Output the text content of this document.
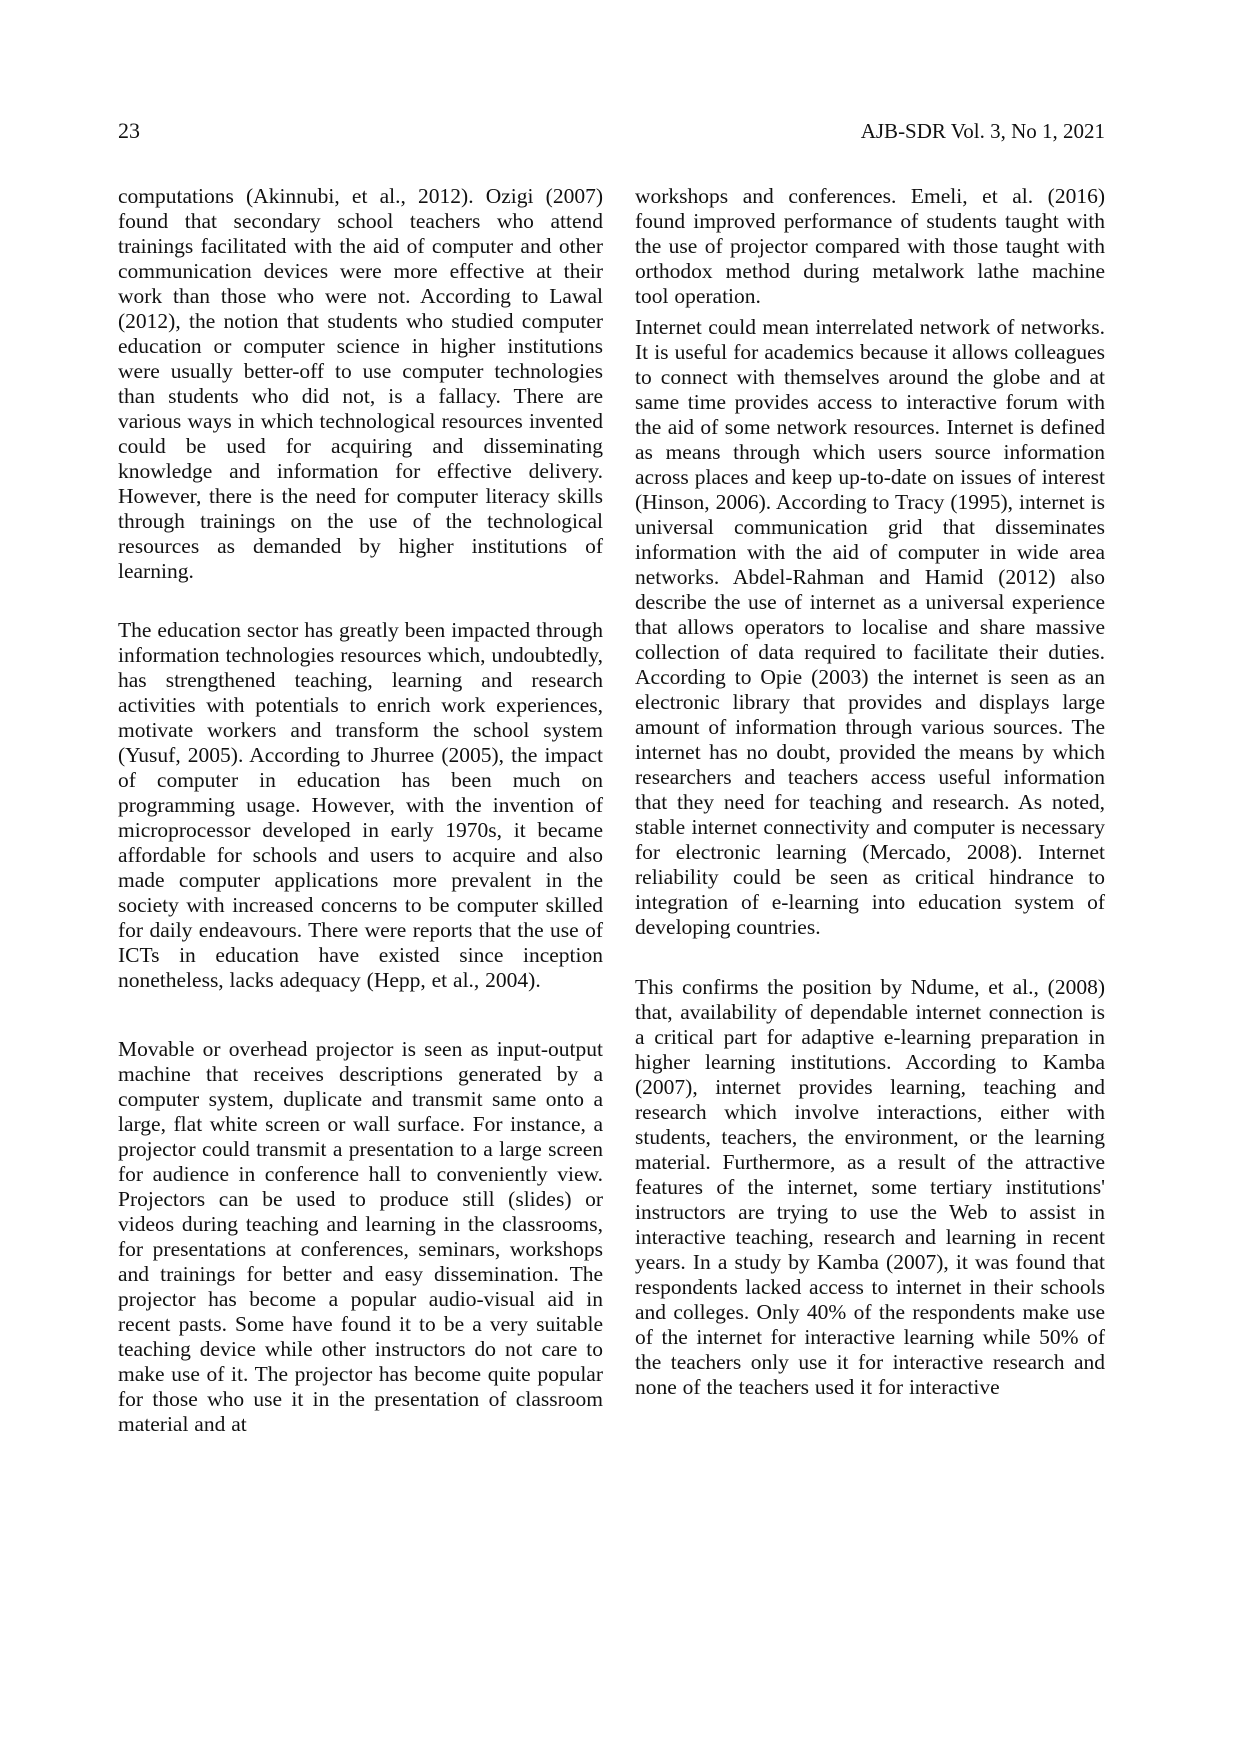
23	AJB-SDR Vol. 3, No 1, 2021

computations (Akinnubi, et al., 2012). Ozigi (2007) found that secondary school teachers who attend trainings facilitated with the aid of computer and other communication devices were more effective at their work than those who were not. According to Lawal (2012), the notion that students who studied computer education or computer science in higher institutions were usually better-off to use computer technologies than students who did not, is a fallacy. There are various ways in which technological resources invented could be used for acquiring and disseminating knowledge and information for effective delivery. However, there is the need for computer literacy skills through trainings on the use of the technological resources as demanded by higher institutions of learning.

The education sector has greatly been impacted through information technologies resources which, undoubtedly, has strengthened teaching, learning and research activities with potentials to enrich work experiences, motivate workers and transform the school system (Yusuf, 2005). According to Jhurree (2005), the impact of computer in education has been much on programming usage. However, with the invention of microprocessor developed in early 1970s, it became affordable for schools and users to acquire and also made computer applications more prevalent in the society with increased concerns to be computer skilled for daily endeavours. There were reports that the use of ICTs in education have existed since inception nonetheless, lacks adequacy (Hepp, et al., 2004).

Movable or overhead projector is seen as input-output machine that receives descriptions generated by a computer system, duplicate and transmit same onto a large, flat white screen or wall surface. For instance, a projector could transmit a presentation to a large screen for audience in conference hall to conveniently view. Projectors can be used to produce still (slides) or videos during teaching and learning in the classrooms, for presentations at conferences, seminars, workshops and trainings for better and easy dissemination. The projector has become a popular audio-visual aid in recent pasts. Some have found it to be a very suitable teaching device while other instructors do not care to make use of it. The projector has become quite popular for those who use it in the presentation of classroom material and at

workshops and conferences. Emeli, et al. (2016) found improved performance of students taught with the use of projector compared with those taught with orthodox method during metalwork lathe machine tool operation.

Internet could mean interrelated network of networks. It is useful for academics because it allows colleagues to connect with themselves around the globe and at same time provides access to interactive forum with the aid of some network resources. Internet is defined as means through which users source information across places and keep up-to-date on issues of interest (Hinson, 2006). According to Tracy (1995), internet is universal communication grid that disseminates information with the aid of computer in wide area networks. Abdel-Rahman and Hamid (2012) also describe the use of internet as a universal experience that allows operators to localise and share massive collection of data required to facilitate their duties. According to Opie (2003) the internet is seen as an electronic library that provides and displays large amount of information through various sources. The internet has no doubt, provided the means by which researchers and teachers access useful information that they need for teaching and research. As noted, stable internet connectivity and computer is necessary for electronic learning (Mercado, 2008). Internet reliability could be seen as critical hindrance to integration of e-learning into education system of developing countries.

This confirms the position by Ndume, et al., (2008) that, availability of dependable internet connection is a critical part for adaptive e-learning preparation in higher learning institutions. According to Kamba (2007), internet provides learning, teaching and research which involve interactions, either with students, teachers, the environment, or the learning material. Furthermore, as a result of the attractive features of the internet, some tertiary institutions' instructors are trying to use the Web to assist in interactive teaching, research and learning in recent years. In a study by Kamba (2007), it was found that respondents lacked access to internet in their schools and colleges. Only 40% of the respondents make use of the internet for interactive learning while 50% of the teachers only use it for interactive research and none of the teachers used it for interactive
